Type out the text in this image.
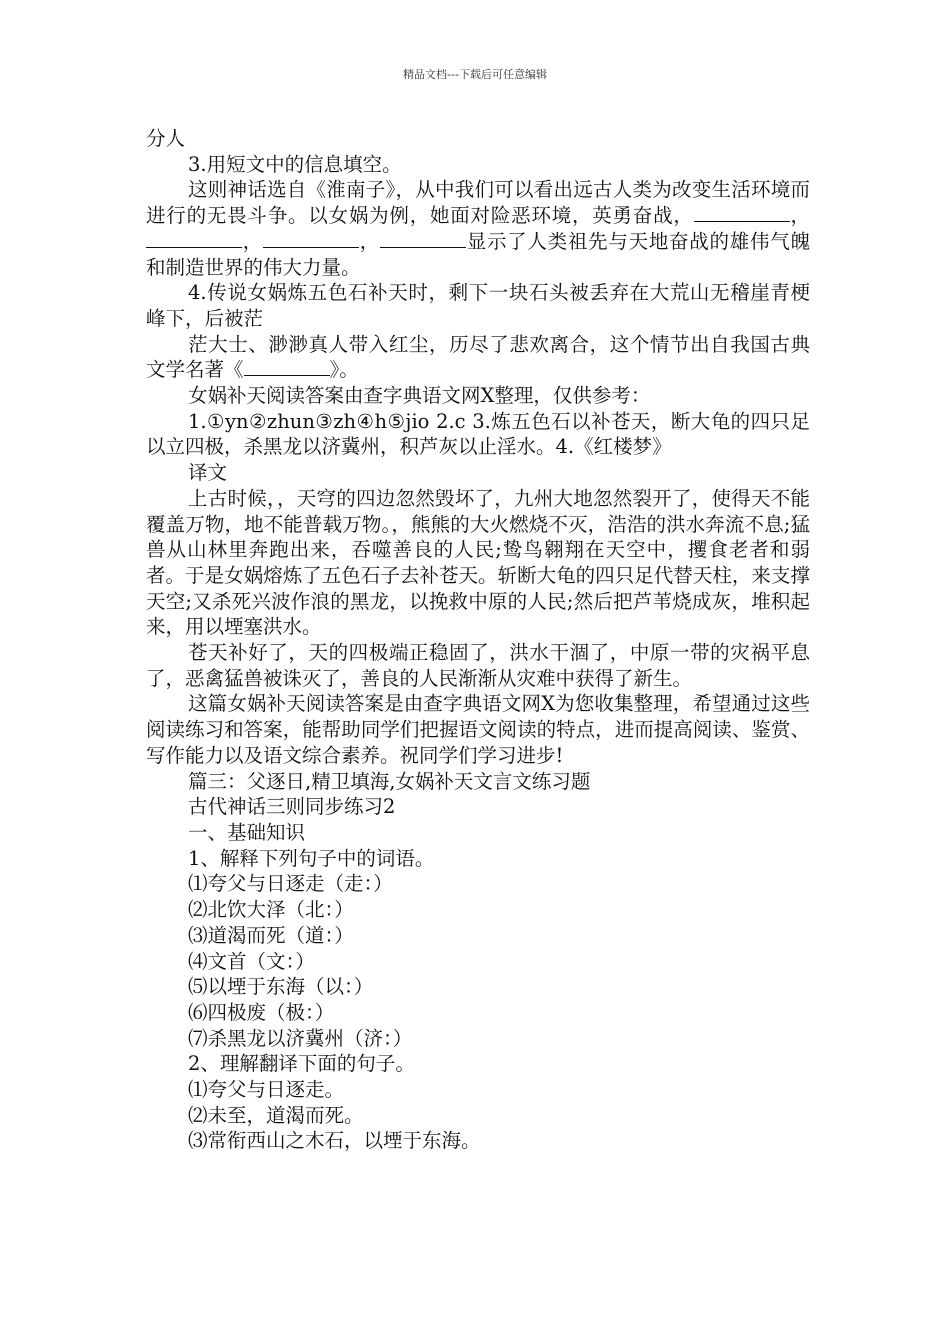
精品文档---下载后可任意编辑

分人

3.用短文中的信息填空。

这则神话选自《淮南子》，从中我们可以看出远古人类为改变生活环境而进行的无畏斗争。以女娲为例，她面对险恶环境，英勇奋战，	，，	，	显示了人类祖先与天地奋战的雄伟气魄和制造世界的伟大力量。

4.传说女娲炼五色石补天时，剩下一块石头被丢弃在大荒山无稽崖青梗峰下，后被茫

茫大士、渺渺真人带入红尘，历尽了悲欢离合，这个情节出自我国古典文学名著《	》。

女娲补天阅读答案由查字典语文网X整理，仅供参考：

1.①yn②zhun③zh④h⑤jio 2.c 3.炼五色石以补苍天，断大龟的四只足以立四极，杀黑龙以济冀州，积芦灰以止淫水。4.《红楼梦》

译文

上古时候，，天穹的四边忽然毁坏了，九州大地忽然裂开了，使得天不能覆盖万物，地不能普载万物。，熊熊的大火燃烧不灭，浩浩的洪水奔流不息;猛兽从山林里奔跑出来，吞噬善良的人民;鸷鸟翱翔在天空中，攫食老者和弱者。于是女娲熔炼了五色石子去补苍天。斩断大龟的四只足代替天柱，来支撑天空;又杀死兴波作浪的黑龙，以挽救中原的人民;然后把芦苇烧成灰，堆积起来，用以堙塞洪水。

苍天补好了，天的四极端正稳固了，洪水干涸了，中原一带的灾祸平息了，恶禽猛兽被诛灭了，善良的人民渐渐从灾难中获得了新生。

这篇女娲补天阅读答案是由查字典语文网X为您收集整理，希望通过这些阅读练习和答案，能帮助同学们把握语文阅读的特点，进而提高阅读、鉴赏、写作能力以及语文综合素养。祝同学们学习进步!

篇三：父逐日,精卫填海,女娲补天文言文练习题

古代神话三则同步练习2

一、基础知识

1、解释下列句子中的词语。

⑴夸父与日逐走（走：）

⑵北饮大泽（北：）

⑶道渴而死（道：）

⑷文首（文：）

⑸以堙于东海（以：）

⑹四极废（极：）

⑺杀黑龙以济冀州（济：）

2、理解翻译下面的句子。

⑴夸父与日逐走。

⑵未至，道渴而死。

⑶常衔西山之木石，以堙于东海。
